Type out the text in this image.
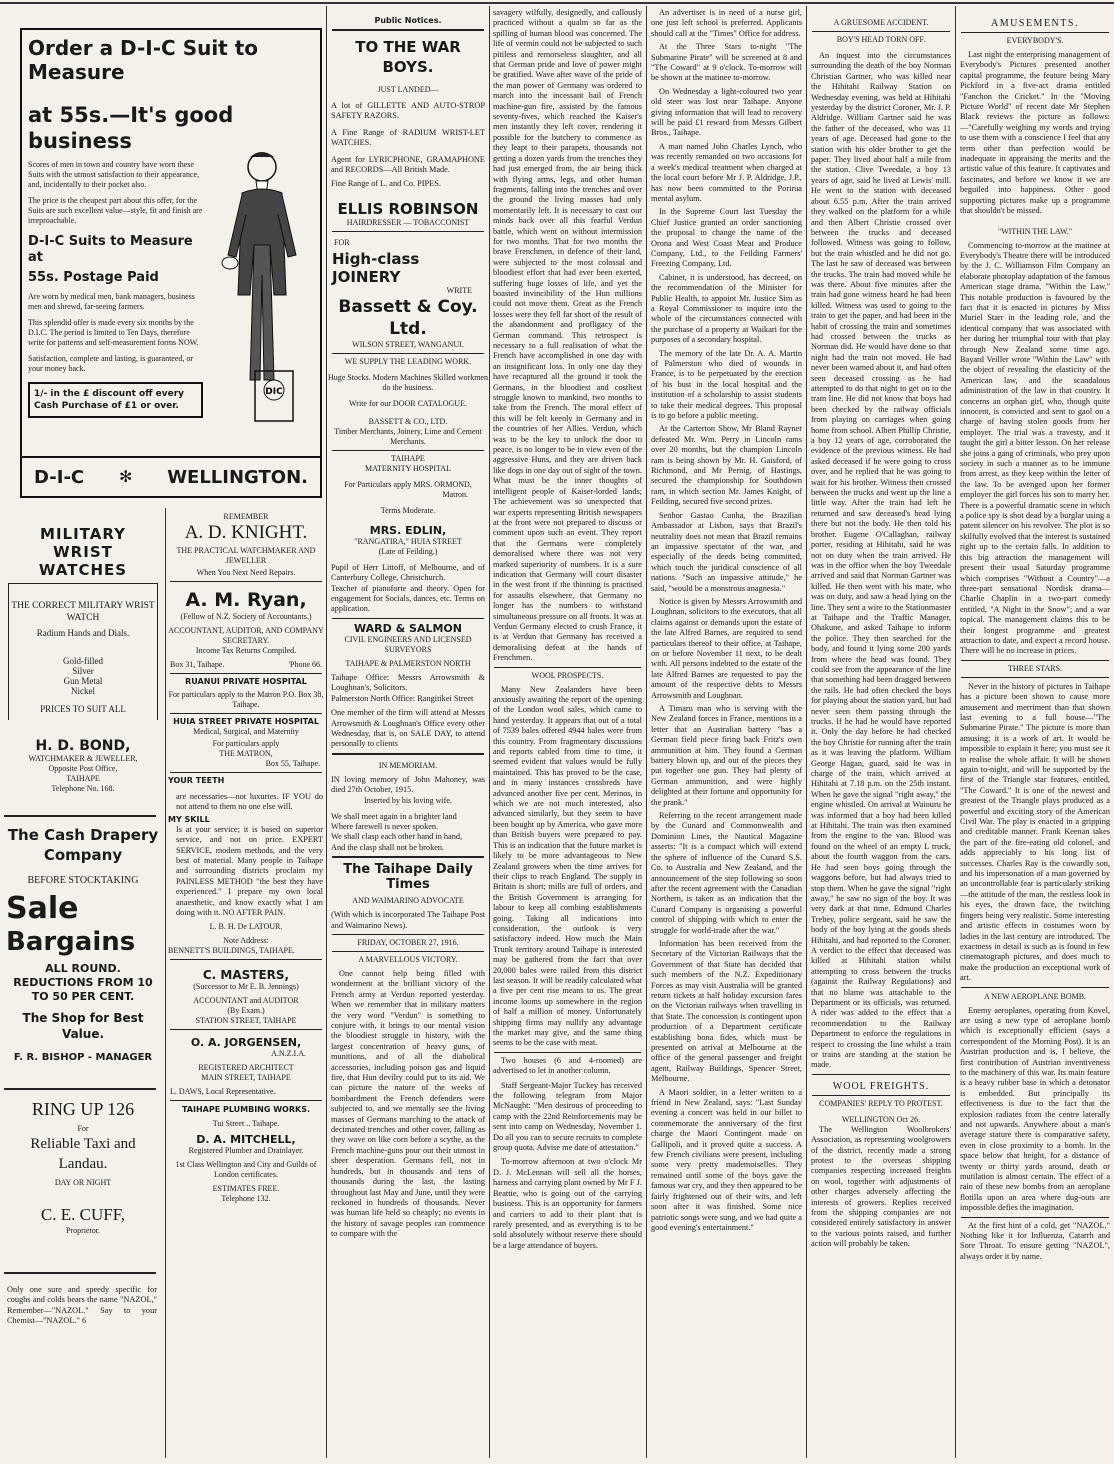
Order a D-I-C Suit to Measure
at 55s.—It's good business
Scores of men in town and country have worn these Suits with the utmost satisfaction to their appearance, and, incidentally to their pocket also.
The price is the cheapest part about this offer, for the Suits are such excellent value—style, fit and finish are irreproachable.
D-I-C Suits to Measure at
55s. Postage Paid
Are worn by medical men, bank managers, business men and shrewd, far-seeing farmers.
This splendid offer is made every six months by the D.I.C. The period is limited to Ten Days, therefore write for patterns and self-measurement forms NOW.
Satisfaction, complete and lasting, is guaranteed, or your money back.
1/- in the £ discount off every Cash Purchase of £1 or over.
DIC
D-I-C ✻ WELLINGTON.
MILITARY WRIST WATCHES
THE CORRECT MILITARY WRIST WATCH
Radium Hands and Dials.
Gold-filled
Silver
Gun Metal
Nickel
PRICES TO SUIT ALL
H. D. BOND,
WATCHMAKER & JEWELLER,
Opposite Post Office,
TAIHAPE
Telephone No. 168.
The Cash Drapery Company
BEFORE STOCKTAKING
Sale
Bargains
ALL ROUND. REDUCTIONS FROM 10 TO 50 PER CENT.
The Shop for Best Value.
F. R. BISHOP - MANAGER
RING UP 126
For
Reliable Taxi and
Landau.
DAY OR NIGHT
C. E. CUFF,
Proprietor.
Only one sure and speedy specific for coughs and colds bears the name "NAZOL," Remember—"NAZOL." Say to your Chemist—"NAZOL." 6
REMEMBER
A. D. KNIGHT.
THE PRACTICAL WATCHMAKER AND JEWELLER
When You Next Need Repairs.
A. M. Ryan,
(Fellow of N.Z. Society of Accountants.)
ACCOUNTANT, AUDITOR, AND COMPANY SECRETARY.
Income Tax Returns Compiled.
Box 31, Taihape.	'Phone 66.
RUANUI PRIVATE HOSPITAL
For particulars apply to the Matron P.O. Box 38, Taihape.
HUIA STREET PRIVATE HOSPITAL
Medical, Surgical, and Maternity
For particulars apply
THE MATRON,
Box 55, Taihape.
YOUR TEETH
are necessaries—not luxuries. IF YOU do not attend to them no one else will.
MY SKILL
Is at your service; it is based on superior service, and not on price. EXPERT SERVICE, modern methods, and the very best of material. Many people in Taihape and surrounding districts proclaim my PAINLESS METHOD "the best they have experienced." I prepare my own local anaesthetic, and know exactly what I am doing with it. NO AFTER PAIN.
L. B. H. De LATOUR.
Note Address:
BENNETT'S BUILDINGS, TAIHAPE.
C. MASTERS,
(Successor to Mr E. B. Jennings)
ACCOUNTANT and AUDITOR
(By Exam.)
STATION STREET, TAIHAPE
O. A. JORGENSEN,
A.N.Z.I.A.
REGISTERED ARCHITECT
MAIN STREET, TAIHAPE
L. DAWS, Local Representative.
TAIHAPE PLUMBING WORKS.
Tui Street .. Taihape.
D. A. MITCHELL,
Registered Plumber and Drainlayer.
1st Class Wellington and City and Guilds of London certificates.
ESTIMATES FREE.
Telephone 132.
Public Notices.
TO THE WAR BOYS.
JUST LANDED—
A lot of GILLETTE AND AUTO-STROP SAFETY RAZORS.
A Fine Range of RADIUM WRIST-LET WATCHES.
Agent for LYRICPHONE, GRAMAPHONE and RECORDS—All British Made.
Fine Range of L. and Co. PIPES.
ELLIS ROBINSON
HAIRDRESSER — TOBACCONIST
FOR
High-class JOINERY
WRITE
Bassett & Coy. Ltd.
WILSON STREET, WANGANUI.
WE SUPPLY THE LEADING WORK.
Huge Stocks. Modern Machines Skilled workmen do the business.
Write for our DOOR CATALOGUE.
BASSETT & CO., LTD.
Timber Merchants, Joinery, Lime and Cement Merchants.
TAIHAPE
MATERNITY HOSPITAL
For Particulars apply MRS. ORMOND,
Matron.
Terms Moderate.
MRS. EDLIN,
"RANGATIRA," HUIA STREET
(Late of Feilding.)
Pupil of Herr Littoff, of Melbourne, and of Canterbury College, Christchurch.
Teacher of pianoforte and theory. Open for engagement for Socials, dances, etc. Terms on application.
WARD & SALMON
CIVIL ENGINEERS AND LICENSED SURVEYORS
TAIHAPE & PALMERSTON NORTH
Taihape Office: Messrs Arrowsmith & Loughnan's, Solicitors.
Palmerston North Office: Rangitikei Street
One member of the firm will attend at Messrs Arrowsmith & Loughnan's Office every other Wednesday, that is, on SALE DAY, to attend personally to clients
IN MEMORIAM.
IN loving memory of John Mahoney, was died 27th October, 1915.
Inserted by his loving wife.
We shall meet again in a brighter land
Where farewell is never spoken.
We shall clasp each other hand in hand,
And the clasp shall not be broken.
The Taihape Daily Times
AND WAIMARINO ADVOCATE
(With which is incorporated The Taihape Post and Waimarino News).
FRIDAY, OCTOBER 27, 1916.
A MARVELLOUS VICTORY.
One cannot help being filled with wonderment at the brilliant victory of the French army at Verdun reported yesterday. When we remember that in military matters the very word "Verdun" is something to conjure with, it brings to our mental vision the bloodiest struggle in history, with the largest concentration of heavy guns, of munitions, and of all the diabolical accessories, including poison gas and liquid fire, that Hun devilry could put to its aid. We can picture the nature of the weeks of bombardment the French defenders were subjected to, and we mentally see the living masses of Germans marching to the attack of decimated trenches and other cover, falling as they wave on like corn before a scythe, as the French machine-guns pour out their utmost in sheer desperation. Germans fell, not in hundreds, but in thousands and tens of thousands during the last, the lasting throughout last May and June, until they were reckoned in hundreds of thousands. Never was human life held so cheaply; no events in the history of savage peoples can commence to compare with the
savagery wilfully, designedly, and callously practiced without a qualm so far as the spilling of human blood was concerned. The life of vermin could not be subjected to such pitiless and remorseless slaughter, and all that German pride and love of power might be gratified. Wave after wave of the pride of the man power of Germany was ordered to march into the incessant hail of French machine-gun fire, assisted by the famous seventy-fives, which reached the Kaiser's men instantly they left cover, rendering it possible for the butchery to commence as they leapt to their parapets, thousands not getting a dozen yards from the trenches they had just emerged from, the air being thick with flying arms, legs, and other human fragments, falling into the trenches and over the ground the living masses had only momentarily left. It is necessary to cast our minds back over all this fearful Verdun battle, which went on without intermission for two months. That for two months the brave Frenchmen, in defence of their land, were subjected to the most colossal and bloodiest effort that had ever been exerted, suffering huge losses of life, and yet the boasted invincibility of the Hun millions could not move them. Great as the French losses were they fell far short of the result of the abandonment and profligacy of the German command. This retrospect is necessary to a full realisation of what the French have accomplished in one day with an insignificant loss. In only one day they have recaptured all the ground it took the Germans, in the bloodiest and costliest struggle known to mankind, two months to take from the French. The moral effect of this will be felt keenly in Germany and in the countries of her Allies. Verdun, which was to be the key to unlock the door to peace, is no longer to be in view even of the aggressive Huns, and they are driven back like dogs in one day out of sight of the town. What must be the inner thoughts of intelligent people of Kaiser-lorded lands; The achievement was so unexpected that war experts representing British newspapers at the front were not prepared to discuss or comment upon such an event. They report that the Germans were completely demoralised where there was not very marked superiority of numbers. It is a sure indication that Germany will court disaster in the west front if the thinning is practised for assaults elsewhere, that Germany no longer has the numbers to withstand simultaneous pressure on all fronts. It was at Verdun Germany elected to crush France, it is at Verdun that Germany has received a demoralising defeat at the hands of Frenchmen.
WOOL PROSPECTS.
Many New Zealanders have been anxiously awaiting the report of the opening of the London wool sales, which came to hand yesterday. It appears that out of a total of 7539 bales offered 4944 bales were from this country. From fragmentary discussions and reports cabled from time to time, it seemed evident that values would be fully maintained. This has proved to be the case, and in many instances crossbreds have advanced another five per cent. Merinos, in which we are not much interested, also advanced similarly, but they seem to have been bought up by America, who gave more than British buyers were prepared to pay. This is an indication that the future market is likely to be more advantageous to New Zealand growers when the time arrives for their clips to reach England. The supply in Britain is short; mills are full of orders, and the British Government is arranging for labour to keep all combing establishments going. Taking all indications into consideration, the outlook is very satisfactory indeed. How much the Main Trunk territory around Taihape is interested may be gathered from the fact that over 20,000 bales were railed from this district last season. It will be readily calculated what a five per cent rise means to us. The great income looms up somewhere in the region of half a million of money. Unfortunately shipping firms may nullify any advantage the market may give, and the same thing seems to be the case with meat.
Two houses (6 and 4-roomed) are advertised to let in another column.
Staff Sergeant-Major Tuckey has received the following telegram from Major McNaught: "Men desirous of proceeding to camp with the 22nd Reinforcements may be sent into camp on Wednesday, November 1. Do all you can to secure recruits to complete group quota. Advise me date of attestation."
To-morrow afternoon at two o'clock Mr D. J. McLennan will sell all the horses, harness and carrying plant owned by Mr F J. Beattie, who is going out of the carrying business. This is an opportunity for farmers and carriers to add to their plant that is rarely presented, and as everything is to be sold absolutely without reserve there should be a large attendance of buyers.
An advertiser is in need of a nurse girl, one just left school is preferred. Applicants should call at the "Times" Office for address.
At the Three Stars to-night "The Submarine Pirate" will be screened at 8 and "The Coward" at 9 o'clock. To-morrow will be shown at the matinee to-morrow.
On Wednesday a light-coloured two year old steer was lost near Taihape. Anyone giving information that will lead to recovery will be paid £1 reward from Messrs Gilbert Bros., Taihape.
A man named John Charles Lynch, who was recently remanded on two occasions for a week's medical treatment when charged at the local court before Mr J. P. Aldridge, J.P., has now been committed to the Porirua mental asylum.
In the Supreme Court last Tuesday the Chief Justice granted an order sanctioning the proposal to change the name of the Orona and West Coast Meat and Produce Company, Ltd., to the Feilding Farmers' Freezing Company, Ltd.
Cabinet, it is understood, has decreed, on the recommendation of the Minister for Public Health, to appoint Mr. Justice Sim as a Royal Commissioner to inquire into the whole of the circumstances connected with the purchase of a property at Waikari for the purposes of a secondary hospital.
The memory of the late Dr. A. A. Martin of Palmerston who died of wounds in France, is to be perpetuated by the erection of his bust in the local hospital and the institution of a scholarship to assist students to take their medical degrees. This proposal is to go before a public meeting.
At the Carterton Show, Mr Bland Rayner defeated Mr. Wm. Perry in Lincoln rams over 20 months, but the champion Lincoln ram is being shown by Mr. H. Gaisford, of Richmond, and Mr Pernig, of Hastings, secured the championship for Southdown ram, in which section Mr. James Knight, of Feilding, secured five second prizes.
Senhor Gastao Cunha, the Brazilian Ambassador at Lisbon, says that Brazil's neutrality does not mean that Brazil remains an impassive spectator of the war, and especially of the deeds being committed, which touch the juridical conscience of all nations. "Such an impassive attitude," he said, "would be a monstrous anagnesia."
Notice is given by Messrs Arrowsmith and Loughnan, solicitors to the executors, that all claims against or demands upon the estate of the late Alfred Barnes, are required to send particulars thereof to their office, at Taihape, on or before November 11 next, to be dealt with. All persons indebted to the estate of the late Alfred Barnes are requested to pay the amount of the respective debts to Messrs Arrowsmith and Loughnan.
A Timaru man who is serving with the New Zealand forces in France, mentions in a letter that an Australian battery "has a German field piece firing back Fritz's own ammunition at him. They found a German battery blown up, and out of the pieces they put together one gun. They had plenty of German ammunition, and were highly delighted at their fortune and opportunity for the prank."
Referring to the recent arrangement made by the Cunard and Commonwealth and Dominion Lines, the Nautical Magazine asserts: "It is a compact which will extend the sphere of influence of the Cunard S.S. Co. to Australia and New Zealand, and the announcement of the step following so soon after the recent agreement with the Canadian Northern, is taken as an indication that the Cunard Company is organising a powerful control of shipping with which to enter the struggle for world-trade after the war."
Information has been received from the Secretary of the Victorian Railways that the Government of that State has decided that such members of the N.Z. Expeditionary Forces as may visit Australia will be granted return tickets at half holiday excursion fares on the Victorian railways when travelling in that State. The concession is contingent upon production of a Department certificate establishing bona fides, which must be presented on arrival at Melbourne at the office of the general passenger and freight agent, Railway Buildings, Spencer Street, Melbourne.
A Maori soldier, in a letter written to a friend in New Zealand, says: "Last Sunday evening a concert was held in our billet to commemorate the anniversary of the first charge the Maori Contingent made on Gallipoli, and it proved quite a success. A few French civilians were present, including some very pretty mademoiselles. They remained until some of the boys gave the famous war cry, and they then appeared to be fairly frightened out of their wits, and left soon after it was finished. Some nice patriotic songs were sung, and we had quite a good evening's entertainment."
A GRUESOME ACCIDENT.
BOY'S HEAD TORN OFF.
An inquest into the circumstances surrounding the death of the boy Norman Christian Gartner, who was killed near the Hihitahi Railway Station on Wednesday evening, was held at Hihitahi yesterday by the district Coroner, Mr. J. P. Aldridge. William Gartner said he was the father of the deceased, who was 11 years of age. Deceased had gone to the station with his older brother to get the paper. They lived about half a mile from the station. Clive Tweedale, a boy 13 years of age, said he lived at Lewis' mill. He went to the station with deceased about 6.55 p.m. After the train arrived they walked on the platform for a while and then Albert Christie crossed over between the trucks and deceased followed. Witness was going to follow, but the train whistled and he did not go. The last he saw of deceased was between the trucks. The train had moved while he was there. About five minutes after the train had gone witness heard he had been killed. Witness was used to going to the train to get the paper, and had been in the habit of crossing the train and sometimes had crossed between the trucks as Norman did. He would have done so that night had the train not moved. He had never been warned about it, and had often seen deceased crossing as he had attempted to do that night to get on to the tram line. He did not know that boys had been checked by the railway officials from playing on carriages when going home from school. Albert Phillip Christie, a boy 12 years of age, corroborated the evidence of the previous witness. He had asked deceased if he were going to cross over, and he replied that he was going to wait for his brother. Witness then crossed between the trucks and went up the line a little way. After the train had left he returned and saw deceased's head lying there but not the body. He then told his brother. Eugene O'Callaghan, railway porter, residing at Hihitahi, said he was not on duty when the train arrived. He was in the office when the boy Tweedale arrived and said that Norman Gartner was killed. He then went with his mate, who was on duty, and saw a head lying on the line. They sent a wire to the Stationmaster at Taihape and the Traffic Manager, Ohakune, and asked Taihape to inform the police. They then searched for the body, and found it lying some 200 yards from where the head was found. They could see from the appearance of the line that something had been dragged between the rails. He had often checked the boys for playing about the station yard, but had never seen them passing through the trucks. If he had he would have reported it. Only the day before he had checked the boy Christie for running after the train as it was leaving the platform. William George Hagan, guard, said he was in charge of the train, which arrived at Hihitahi at 7.18 p.m. on the 25th instant. When he gave the signal "right away," the engine whistled. On arrival at Waiouru he was informed that a boy had been killed at Hihitahi. The train was then examined from the engine to the van. Blood was found on the wheel of an empty L truck, about the fourth waggon from the cars. He had seen boys going through the waggons before, but had always tried to stop them. When he gave the signal "right away," he saw no sign of the boy. It was very dark at that time. Edmund Charles Trebey, police sergeant, said he saw the body of the boy lying at the goods sheds Hihitahi, and had reported to the Coroner. A verdict to the effect that deceased was killed at Hihitahi station whilst attempting to cross between the trucks (against the Railway Regulations) and that no blame was attachable to the Department or its officials, was returned. A rider was added to the effect that a recommendation to the Railway Department to enforce the regulations in respect to crossing the line whilst a train or trains are standing at the station be made.
WOOL FREIGHTS.
COMPANIES' REPLY TO PROTEST.
WELLINGTON Oct 26.
The Wellington Woolbrokers' Association, as representing woolgrowers of the district, recently made a strong protest to the overseas shipping companies respecting increased freights on wool, together with adjustments of other charges adversely affecting the interests of growers. Replies received from the shipping companies are not considered entirely satisfactory in answer to the various points raised, and further action will probably be taken.
AMUSEMENTS.
EVERYBODY'S.
Last night the enterprising management of Everybody's Pictures presented another capital programme, the feature being Mary Pickford in a five-act drama entitled "Fanchon the Cricket." In the "Moving Picture World" of recent date Mr Stephen Black reviews the picture as follows:—"Carefully weighing my words and trying to use them with a conscience I feel that any term other than perfection would be inadequate in appraising the merits and the artistic value of this feature. It captivates and fascinates, and before we know it we are beguiled into happiness. Other good supporting pictures make up a programme that shouldn't be missed.
"WITHIN THE LAW."
Commencing to-morrow at the matinee at Everybody's Theatre there will be introduced by the J. C. Williamson Film Company an elaborate photoplay adaptation of the famous American stage drama, "Within the Law." This notable production is favoured by the fact that it is enacted in pictures by Miss Muriel Starr in the leading role, and the identical company that was associated with her during her triumphal tour with that play through New Zealand some time ago. Bayard Veiller wrote "Within the Law" with the object of revealing the elasticity of the American law, and the scandalous administration of the law in that country. It concerns an orphan girl, who, though quite innocent, is convicted and sent to gaol on a charge of having stolen goods from her employer. The trial was a travesty, and it taught the girl a bitter lesson. On her release she joins a gang of criminals, who prey upon society in such a manner as to be immune from arrest, as they keep within the letter of the law. To be avenged upon her former employer the girl forces his son to marry her. There is a powerful dramatic scene in which a police spy is shot dead by a burglar using a patent silencer on his revolver. The plot is so skilfully evolved that the interest is sustained right up to the certain falls. In addition to this big attraction the management will present their usual Saturday programme which comprises "Without a Country"—a three-part sensational Nordisk drama—Charlie Chaplin in a two-part comedy entitled, "A Night in the Snow"; and a war topical. The management claims this to be their longest programme and greatest attraction to date, and expect a record house. There will be no increase in prices.
THREE STARS.
Never in the history of pictures in Taihape has a picture been shown to cause more amusement and merriment than that shown last evening to a full house—"The Submarine Pirate." The picture is more than amusing; it is a work of art. It would be impossible to explain it here; you must see it to realise the whole affair. It will be shown again to-night, and will be supported by the first of the Triangle star features, entitled, "The Coward." It is one of the newest and greatest of the Triangle plays produced as a powerful and exciting story of the American Civil War. The play is enacted in a gripping and creditable manner. Frank Keenan takes the part of the fire-eating old colonel, and adds appreciably to his long list of successes. Charles Ray is the cowardly son, and his impersonation of a man governed by an uncontrollable fear is particularly striking—the attitude of the man, the restless look in his eyes, the drawn face, the twitching fingers being very realistic. Some interesting and artistic effects in costumes worn by ladies in the last century are introduced. The exactness in detail is such as is found in few cinematograph pictures, and does much to make the production an exceptional work of art.
A NEW AEROPLANE BOMB.
Enemy aeroplanes, operating from Kovel, are using a new type of aeroplane bomb which is exceptionally efficient (says a correspondent of the Morning Post). It is an Austrian production and is, I believe, the first contribution of Austrian inventiveness to the machinery of this war. Its main feature is a heavy rubber base in which a detonator is embedded. But principally its effectiveness is due to the fact that the explosion radiates from the centre laterally and not upwards. Anywhere about a man's average stature there is comparative safety, even in close proximity to a bomb. In the space below that height, for a distance of twenty or thirty yards around, death or mutilation is almost certain. The effect of a rain of these new bombs from an aeroplane flotilla upon an area where dug-outs are impossible defies the imagination.
At the first hint of a cold, get "NAZOL." Nothing like it for Influenza, Catarrh and Sore Throat. To ensure getting "NAZOL", always order it by name.
